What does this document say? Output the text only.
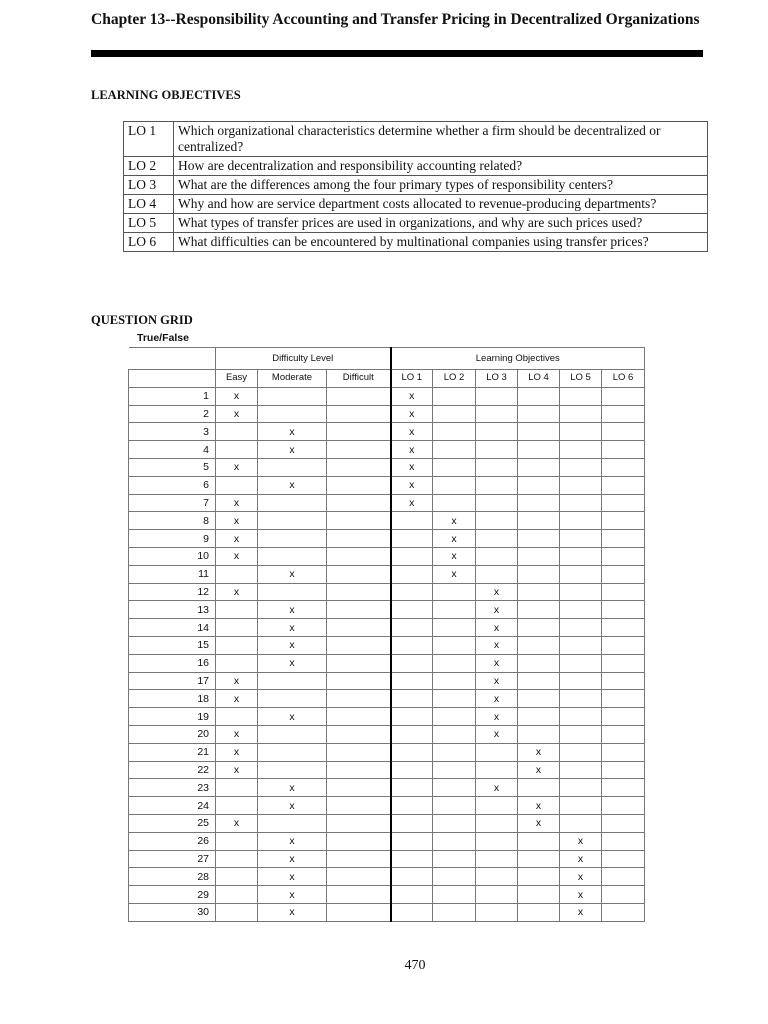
Chapter 13--Responsibility Accounting and Transfer Pricing in Decentralized Organizations
LEARNING OBJECTIVES
LO 1	Which organizational characteristics determine whether a firm should be decentralized or centralized?
LO 2	How are decentralization and responsibility accounting related?
LO 3	What are the differences among the four primary types of responsibility centers?
LO 4	Why and how are service department costs allocated to revenue-producing departments?
LO 5	What types of transfer prices are used in organizations, and why are such prices used?
LO 6	What difficulties can be encountered by multinational companies using transfer prices?
QUESTION GRID
True/False
	Difficulty Level			Learning Objectives					
	Easy	Moderate	Difficult	LO 1	LO 2	LO 3	LO 4	LO 5	LO 6
1	x			x					
2	x			x					
3		x		x					
4		x		x					
5	x			x					
6		x		x					
7	x			x					
8	x				x				
9	x				x				
10	x				x				
11		x			x				
12	x					x			
13		x				x			
14		x				x			
15		x				x			
16		x				x			
17	x					x			
18	x					x			
19		x				x			
20	x					x			
21	x						x		
22	x						x		
23		x				x			
24		x					x		
25	x						x		
26		x						x	
27		x						x	
28		x						x	
29		x						x	
30		x						x	
470
